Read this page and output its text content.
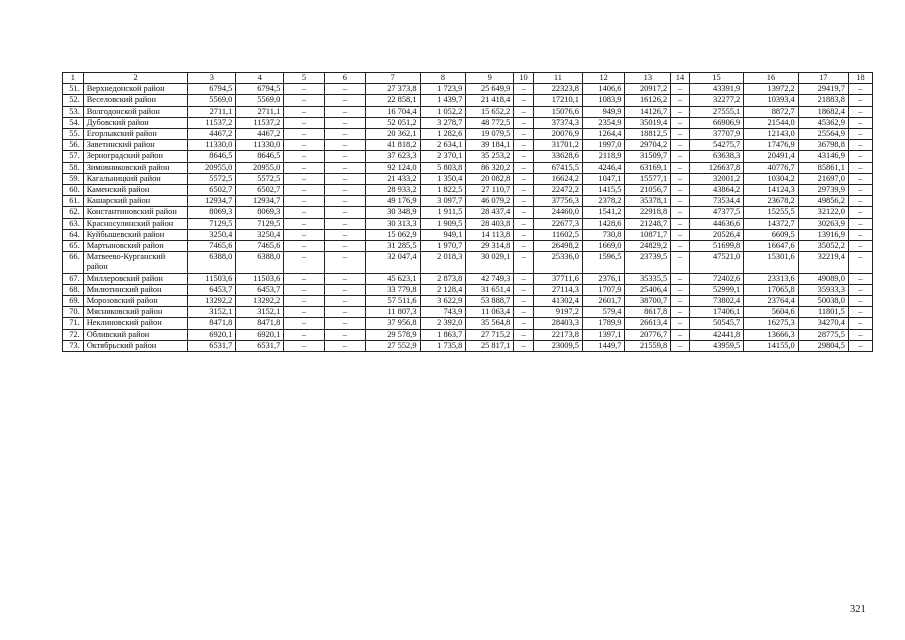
1	2	3	4	5	6	7	8	9	10	11	12	13	14	15	16	17	18
51.	Верхнедонской район	6794,5	6794,5	–	–	27 373,8	1 723,9	25 649,9	–	22323,8	1406,6	20917,2	–	43391,9	13972,2	29419,7	–
52.	Веселовский район	5569,0	5569,0	–	–	22 858,1	1 439,7	21 418,4	–	17210,1	1083,9	16126,2	–	32277,2	10393,4	21883,8	–
53.	Волгодонской район	2711,1	2711,1	–	–	16 704,4	1 052,2	15 652,2	–	15076,6	949,9	14126,7	–	27555,1	8872,7	18682,4	–
54.	Дубовский район	11537,2	11537,2	–	–	52 051,2	3 278,7	48 772,5	–	37374,3	2354,9	35019,4	–	66906,9	21544,0	45362,9	–
55.	Егорлыкский район	4467,2	4467,2	–	–	20 362,1	1 282,6	19 079,5	–	20076,9	1264,4	18812,5	–	37707,9	12143,0	25564,9	–
56.	Заветинский район	11330,0	11330,0	–	–	41 818,2	2 634,1	39 184,1	–	31701,2	1997,0	29704,2	–	54275,7	17476,9	36798,8	–
57.	Зерноградский район	8646,5	8646,5	–	–	37 623,3	2 370,1	35 253,2	–	33628,6	2118,9	31509,7	–	63638,3	20491,4	43146,9	–
58.	Зимовниковский район	20955,0	20955,0	–	–	92 124,0	5 803,8	86 320,2	–	67415,5	4246,4	63169,1	–	126637,8	40776,7	85861,1	–
59.	Кагальницкий район	5572,5	5572,5	–	–	21 433,2	1 350,4	20 082,8	–	16624,2	1047,1	15577,1	–	32001,2	10304,2	21697,0	–
60.	Каменский район	6502,7	6502,7	–	–	28 933,2	1 822,5	27 110,7	–	22472,2	1415,5	21056,7	–	43864,2	14124,3	29739,9	–
61.	Кашарский район	12934,7	12934,7	–	–	49 176,9	3 097,7	46 079,2	–	37756,3	2378,2	35378,1	–	73534,4	23678,2	49856,2	–
62.	Константиновский район	8069,3	8069,3	–	–	30 348,9	1 911,5	28 437,4	–	24460,0	1541,2	22918,8	–	47377,5	15255,5	32122,0	–
63.	Красносулинский район	7129,5	7129,5	–	–	30 313,3	1 909,5	28 403,8	–	22677,3	1428,6	21248,7	–	44636,6	14372,7	30263,9	–
64.	Куйбышевский район	3250,4	3250,4	–	–	15 062,9	949,1	14 113,8	–	11602,5	730,8	10871,7	–	20526,4	6609,5	13916,9	–
65.	Мартыновский район	7465,6	7465,6	–	–	31 285,5	1 970,7	29 314,8	–	26498,2	1669,0	24829,2	–	51699,8	16647,6	35052,2	–
66.	Матвеево-Курганский район	6388,0	6388,0	–	–	32 047,4	2 018,3	30 029,1	–	25336,0	1596,5	23739,5	–	47521,0	15301,6	32219,4	–
67.	Миллеровский район	11503,6	11503,6	–	–	45 623,1	2 873,8	42 749,3	–	37711,6	2376,1	35335,5	–	72402,6	23313,6	49089,0	–
68.	Милютинский район	6453,7	6453,7	–	–	33 779,8	2 128,4	31 651,4	–	27114,3	1707,9	25406,4	–	52999,1	17065,8	35933,3	–
69.	Морозовский район	13292,2	13292,2	–	–	57 511,6	3 622,9	53 888,7	–	41302,4	2601,7	38700,7	–	73802,4	23764,4	50038,0	–
70.	Мясниковский район	3152,1	3152,1	–	–	11 807,3	743,9	11 063,4	–	9197,2	579,4	8617,8	–	17406,1	5604,6	11801,5	–
71.	Неклиновский район	8471,8	8471,8	–	–	37 956,8	2 392,0	35 564,8	–	28403,3	1789,9	26613,4	–	50545,7	16275,3	34270,4	–
72.	Обливский район	6920,1	6920,1	–	–	29 578,9	1 863,7	27 715,2	–	22173,8	1397,1	20776,7	–	42441,8	13666,3	28775,5	–
73.	Октябрьский район	6531,7	6531,7	–	–	27 552,9	1 735,8	25 817,1	–	23009,5	1449,7	21559,8	–	43959,5	14155,0	29804,5	–
321
